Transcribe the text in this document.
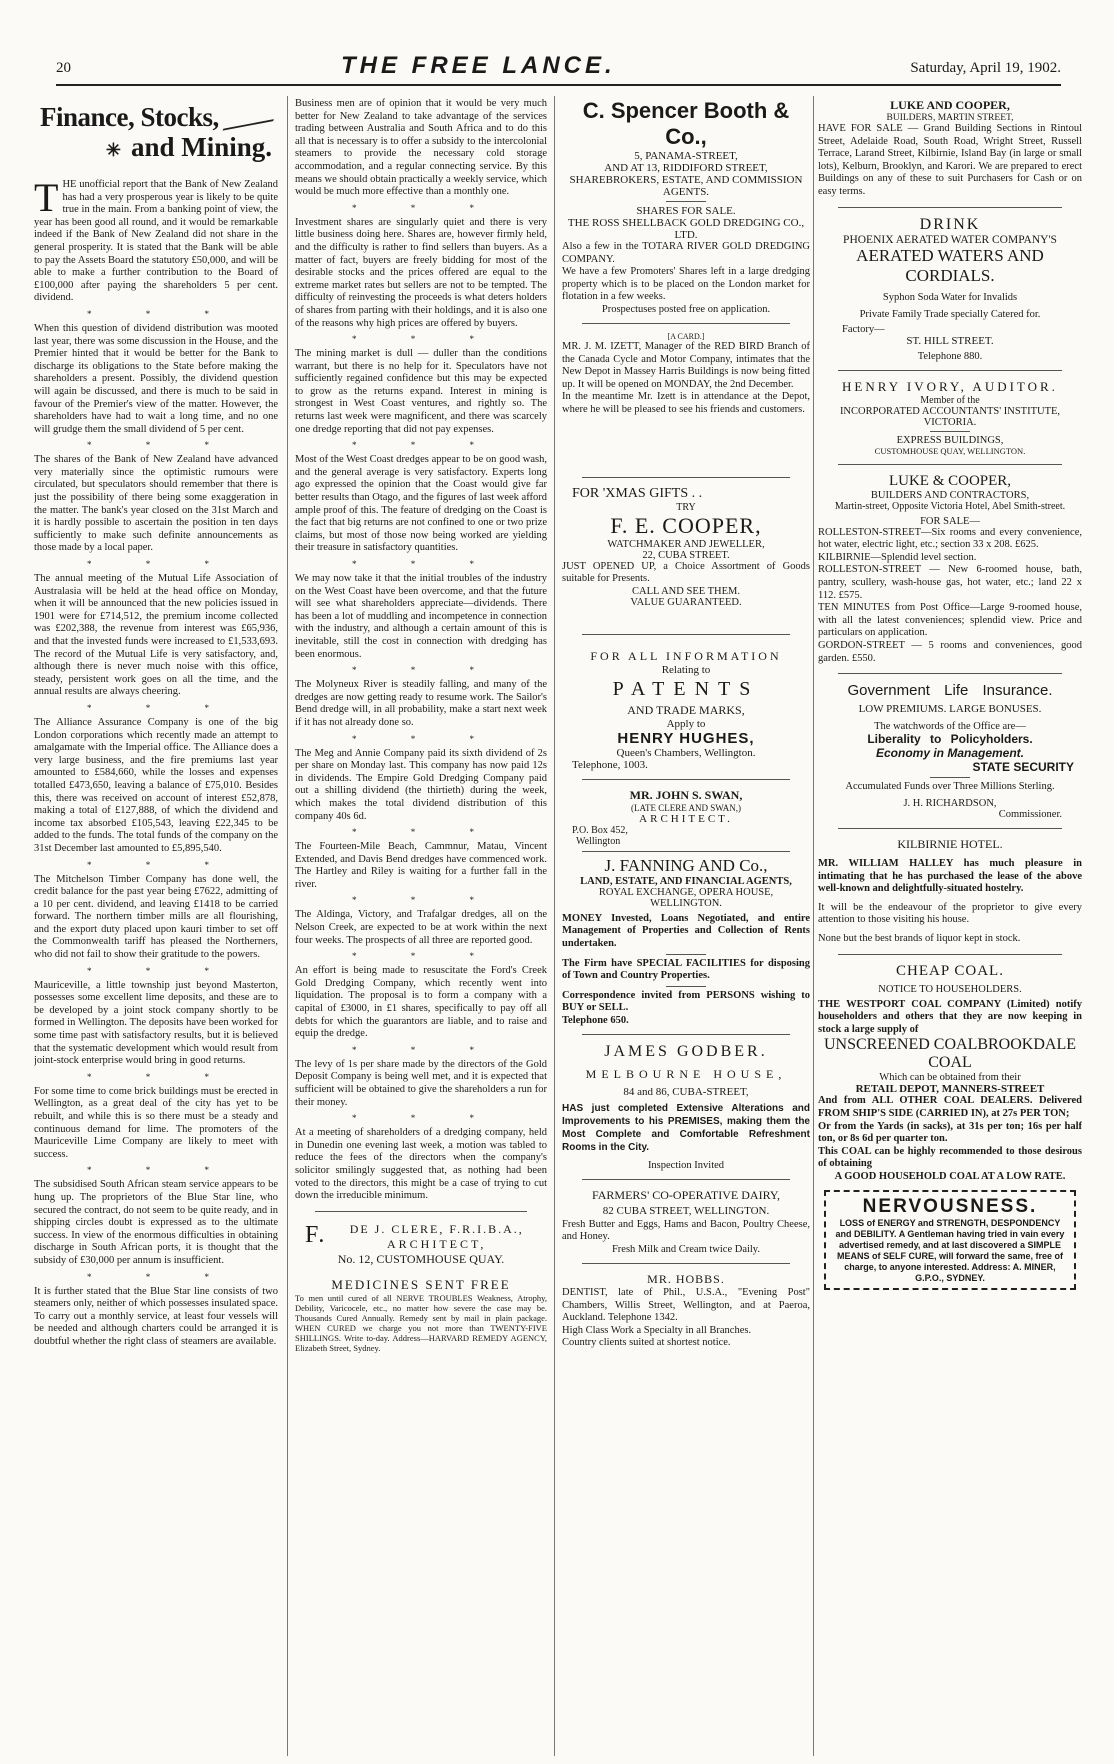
20	THE FREE LANCE.	Saturday, April 19, 1902.
Finance, Stocks,
✳ and Mining.

THE unofficial report that the Bank of New Zealand has had a very prosperous year is likely to be quite true in the main. From a banking point of view, the year has been good all round, and it would be remarkable indeed if the Bank of New Zealand did not share in the general prosperity. It is stated that the Bank will be able to pay the Assets Board the statutory £50,000, and will be able to make a further contribution to the Board of £100,000 after paying the shareholders 5 per cent. dividend.

* * *

When this question of dividend distribution was mooted last year, there was some discussion in the House, and the Premier hinted that it would be better for the Bank to discharge its obligations to the State before making the shareholders a present. Possibly, the dividend question will again be discussed, and there is much to be said in favour of the Premier's view of the matter. However, the shareholders have had to wait a long time, and no one will grudge them the small dividend of 5 per cent.

* * *

The shares of the Bank of New Zealand have advanced very materially since the optimistic rumours were circulated, but speculators should remember that there is just the possibility of there being some exaggeration in the matter. The bank's year closed on the 31st March and it is hardly possible to ascertain the position in ten days sufficiently to make such definite announcements as those made by a local paper.

* * *

The annual meeting of the Mutual Life Association of Australasia will be held at the head office on Monday, when it will be announced that the new policies issued in 1901 were for £714,512, the premium income collected was £202,388, the revenue from interest was £65,936, and that the invested funds were increased to £1,533,693. The record of the Mutual Life is very satisfactory, and, although there is never much noise with this office, steady, persistent work goes on all the time, and the annual results are always cheering.

* * *

The Alliance Assurance Company is one of the big London corporations which recently made an attempt to amalgamate with the Imperial office. The Alliance does a very large business, and the fire premiums last year amounted to £584,660, while the losses and expenses totalled £473,650, leaving a balance of £75,010. Besides this, there was received on account of interest £52,878, making a total of £127,888, of which the dividend and income tax absorbed £105,543, leaving £22,345 to be added to the funds. The total funds of the company on the 31st December last amounted to £5,895,540.

* * *

The Mitchelson Timber Company has done well, the credit balance for the past year being £7622, admitting of a 10 per cent. dividend, and leaving £1418 to be carried forward. The northern timber mills are all flourishing, and the export duty placed upon kauri timber to set off the Commonwealth tariff has pleased the Northerners, who did not fail to show their gratitude to the powers.

* * *

Mauriceville, a little township just beyond Masterton, possesses some excellent lime deposits, and these are to be developed by a joint stock company shortly to be formed in Wellington. The deposits have been worked for some time past with satisfactory results, but it is believed that the systematic development which would result from joint-stock enterprise would bring in good returns.

* * *

For some time to come brick buildings must be erected in Wellington, as a great deal of the city has yet to be rebuilt, and while this is so there must be a steady and continuous demand for lime. The promoters of the Mauriceville Lime Company are likely to meet with success.

* * *

The subsidised South African steam service appears to be hung up. The proprietors of the Blue Star line, who secured the contract, do not seem to be quite ready, and in shipping circles doubt is expressed as to the ultimate success. In view of the enormous difficulties in obtaining discharge in South African ports, it is thought that the subsidy of £30,000 per annum is insufficient.

* * *

It is further stated that the Blue Star line consists of two steamers only, neither of which possesses insulated space. To carry out a monthly service, at least four vessels will be needed and although charters could be arranged it is doubtful whether the right class of steamers are available.

Business men are of opinion that it would be very much better for New Zealand to take advantage of the services trading between Australia and South Africa and to do this all that is necessary is to offer a subsidy to the intercolonial steamers to provide the necessary cold storage accommodation, and a regular connecting service. By this means we should obtain practically a weekly service, which would be much more effective than a monthly one.

* * *

Investment shares are singularly quiet and there is very little business doing here. Shares are, however firmly held, and the difficulty is rather to find sellers than buyers. As a matter of fact, buyers are freely bidding for most of the desirable stocks and the prices offered are equal to the extreme market rates but sellers are not to be tempted. The difficulty of reinvesting the proceeds is what deters holders of shares from parting with their holdings, and it is also one of the reasons why high prices are offered by buyers.

* * *

The mining market is dull — duller than the conditions warrant, but there is no help for it. Speculators have not sufficiently regained confidence but this may be expected to grow as the returns expand. Interest in mining is strongest in West Coast ventures, and rightly so. The returns last week were magnificent, and there was scarcely one dredge reporting that did not pay expenses.

* * *

Most of the West Coast dredges appear to be on good wash, and the general average is very satisfactory. Experts long ago expressed the opinion that the Coast would give far better results than Otago, and the figures of last week afford ample proof of this. The feature of dredging on the Coast is the fact that big returns are not confined to one or two prize claims, but most of those now being worked are yielding their treasure in satisfactory quantities.

* * *

We may now take it that the initial troubles of the industry on the West Coast have been overcome, and that the future will see what shareholders appreciate—dividends. There has been a lot of muddling and incompetence in connection with the industry, and although a certain amount of this is inevitable, still the cost in connection with dredging has been enormous.

* * *

The Molyneux River is steadily falling, and many of the dredges are now getting ready to resume work. The Sailor's Bend dredge will, in all probability, make a start next week if it has not already done so.

* * *

The Meg and Annie Company paid its sixth dividend of 2s per share on Monday last. This company has now paid 12s in dividends. The Empire Gold Dredging Company paid out a shilling dividend (the thirtieth) during the week, which makes the total dividend distribution of this company 40s 6d.

* * *

The Fourteen-Mile Beach, Cammnur, Matau, Vincent Extended, and Davis Bend dredges have commenced work. The Hartley and Riley is waiting for a further fall in the river.

* * *

The Aldinga, Victory, and Trafalgar dredges, all on the Nelson Creek, are expected to be at work within the next four weeks. The prospects of all three are reported good.

* * *

An effort is being made to resuscitate the Ford's Creek Gold Dredging Company, which recently went into liquidation. The proposal is to form a company with a capital of £3000, in £1 shares, specifically to pay off all debts for which the guarantors are liable, and to raise and equip the dredge.

* * *

The levy of 1s per share made by the directors of the Gold Deposit Company is being well met, and it is expected that sufficient will be obtained to give the shareholders a run for their money.

* * *

At a meeting of shareholders of a dredging company, held in Dunedin one evening last week, a motion was tabled to reduce the fees of the directors when the company's solicitor smilingly suggested that, as nothing had been voted to the directors, this might be a case of trying to cut down the irreducible minimum.

F. DE J. CLERE, F.R.I.B.A.,
ARCHITECT,
No. 12, CUSTOMHOUSE QUAY.
MEDICINES SENT FREE

To men until cured of all NERVE TROUBLES Weakness, Atrophy, Debility, Varicocele, etc., no matter how severe the case may be. Thousands Cured Annually. Remedy sent by mail in plain package. WHEN CURED we charge you not more than TWENTY-FIVE SHILLINGS. Write to-day. Address—HARVARD REMEDY AGENCY, Elizabeth Street, Sydney.

C. Spencer Booth & Co.,
5, PANAMA-STREET,
AND AT 13, RIDDIFORD STREET,
SHAREBROKERS, ESTATE, AND COMMISSION AGENTS.
SHARES FOR SALE.
THE ROSS SHELLBACK GOLD DREDGING CO., LTD.

Also a few in the TOTARA RIVER GOLD DREDGING COMPANY.

We have a few Promoters' Shares left in a large dredging property which is to be placed on the London market for flotation in a few weeks.

Prospectuses posted free on application.
[A CARD.]

MR. J. M. IZETT, Manager of the RED BIRD Branch of the Canada Cycle and Motor Company, intimates that the New Depot in Massey Harris Buildings is now being fitted up. It will be opened on MONDAY, the 2nd December.

In the meantime Mr. Izett is in attendance at the Depot, where he will be pleased to see his friends and customers.

FOR 'XMAS GIFTS . .
TRY
F. E. COOPER,
WATCHMAKER AND JEWELLER,
22, CUBA STREET.

JUST OPENED UP, a Choice Assortment of Goods suitable for Presents.

CALL AND SEE THEM.
VALUE GUARANTEED.
FOR ALL INFORMATION
Relating to
PATENTS
AND TRADE MARKS,
Apply to
HENRY HUGHES,
Queen's Chambers, Wellington.
Telephone, 1003.
MR. JOHN S. SWAN,
(LATE CLERE AND SWAN,)
ARCHITECT.
P.O. Box 452,
Wellington
J. FANNING AND Co.,
LAND, ESTATE, AND FINANCIAL AGENTS,
ROYAL EXCHANGE, OPERA HOUSE, WELLINGTON.

MONEY Invested, Loans Negotiated, and entire Management of Properties and Collection of Rents undertaken.

The Firm have SPECIAL FACILITIES for disposing of Town and Country Properties.

Correspondence invited from PERSONS wishing to BUY or SELL.

Telephone 650.
JAMES GODBER.
MELBOURNE HOUSE,
84 and 86, CUBA-STREET,

HAS just completed Extensive Alterations and Improvements to his PREMISES, making them the Most Complete and Comfortable Refreshment Rooms in the City.

Inspection Invited
FARMERS' CO-OPERATIVE DAIRY,
82 CUBA STREET, WELLINGTON.

Fresh Butter and Eggs, Hams and Bacon, Poultry Cheese, and Honey.

Fresh Milk and Cream twice Daily.
MR. HOBBS.

DENTIST, late of Phil., U.S.A., "Evening Post" Chambers, Willis Street, Wellington, and at Paeroa, Auckland. Telephone 1342.

High Class Work a Specialty in all Branches.

Country clients suited at shortest notice.

LUKE AND COOPER,
BUILDERS, MARTIN STREET,

HAVE FOR SALE — Grand Building Sections in Rintoul Street, Adelaide Road, South Road, Wright Street, Russell Terrace, Larand Street, Kilbirnie, Island Bay (in large or small lots), Kelburn, Brooklyn, and Karori. We are prepared to erect Buildings on any of these to suit Purchasers for Cash or on easy terms.

DRINK
PHOENIX AERATED WATER COMPANY'S
AERATED WATERS AND CORDIALS.
Syphon Soda Water for Invalids
Private Family Trade specially Catered for.
Factory—
ST. HILL STREET.
Telephone 880.
HENRY IVORY, AUDITOR.
Member of the
INCORPORATED ACCOUNTANTS' INSTITUTE, VICTORIA.
EXPRESS BUILDINGS,
CUSTOMHOUSE QUAY, WELLINGTON.
LUKE & COOPER,
BUILDERS AND CONTRACTORS,
Martin-street, Opposite Victoria Hotel, Abel Smith-street.
FOR SALE—

ROLLESTON-STREET—Six rooms and every convenience, hot water, electric light, etc.; section 33 x 208. £625.

KILBIRNIE—Splendid level section.

ROLLESTON-STREET — New 6-roomed house, bath, pantry, scullery, wash-house gas, hot water, etc.; land 22 x 112. £575.

TEN MINUTES from Post Office—Large 9-roomed house, with all the latest conveniences; splendid view. Price and particulars on application.

GORDON-STREET — 5 rooms and conveniences, good garden. £550.

Government Life Insurance.
LOW PREMIUMS. LARGE BONUSES.
The watchwords of the Office are—
Liberality to Policyholders.
Economy in Management.
STATE SECURITY
Accumulated Funds over Three Millions Sterling.
J. H. RICHARDSON,
Commissioner.
KILBIRNIE HOTEL.

MR. WILLIAM HALLEY has much pleasure in intimating that he has purchased the lease of the above well-known and delightfully-situated hostelry.

It will be the endeavour of the proprietor to give every attention to those visiting his house.

None but the best brands of liquor kept in stock.

CHEAP COAL.
NOTICE TO HOUSEHOLDERS.

THE WESTPORT COAL COMPANY (Limited) notify householders and others that they are now keeping in stock a large supply of

UNSCREENED COALBROOKDALE COAL
Which can be obtained from their
RETAIL DEPOT, MANNERS-STREET

And from ALL OTHER COAL DEALERS. Delivered FROM SHIP'S SIDE (CARRIED IN), at 27s PER TON;

Or from the Yards (in sacks), at 31s per ton; 16s per half ton, or 8s 6d per quarter ton.

This COAL can be highly recommended to those desirous of obtaining

A GOOD HOUSEHOLD COAL AT A LOW RATE.
NERVOUSNESS.

LOSS of ENERGY and STRENGTH, DESPONDENCY and DEBILITY. A Gentleman having tried in vain every advertised remedy, and at last discovered a SIMPLE MEANS of SELF CURE, will forward the same, free of charge, to anyone interested. Address: A. MINER, G.P.O., SYDNEY.
